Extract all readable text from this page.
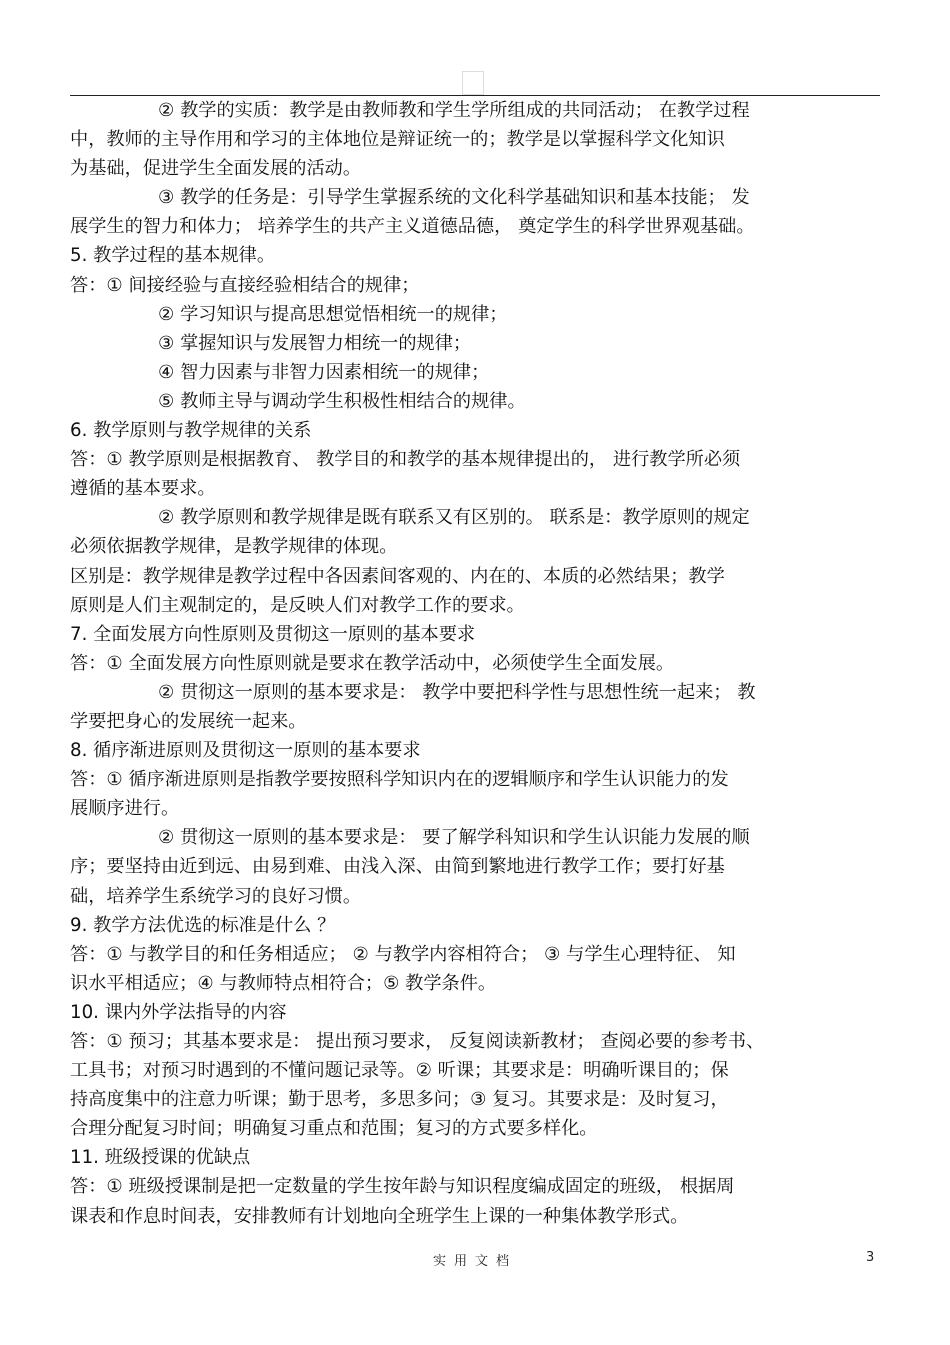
② 教学的实质：教学是由教师教和学生学所组成的共同活动； 在教学过程
中，教师的主导作用和学习的主体地位是辩证统一的；教学是以掌握科学文化知识
为基础，促进学生全面发展的活动。
③ 教学的任务是：引导学生掌握系统的文化科学基础知识和基本技能； 发
展学生的智力和体力； 培养学生的共产主义道德品德， 奠定学生的科学世界观基础。
5. 教学过程的基本规律。
答：① 间接经验与直接经验相结合的规律；
② 学习知识与提高思想觉悟相统一的规律；
③ 掌握知识与发展智力相统一的规律；
④ 智力因素与非智力因素相统一的规律；
⑤ 教师主导与调动学生积极性相结合的规律。
6. 教学原则与教学规律的关系
答：① 教学原则是根据教育、 教学目的和教学的基本规律提出的， 进行教学所必须
遵循的基本要求。
② 教学原则和教学规律是既有联系又有区别的。 联系是：教学原则的规定
必须依据教学规律，是教学规律的体现。
区别是：教学规律是教学过程中各因素间客观的、内在的、本质的必然结果；教学
原则是人们主观制定的，是反映人们对教学工作的要求。
7. 全面发展方向性原则及贯彻这一原则的基本要求
答：① 全面发展方向性原则就是要求在教学活动中，必须使学生全面发展。
② 贯彻这一原则的基本要求是： 教学中要把科学性与思想性统一起来； 教
学要把身心的发展统一起来。
8. 循序渐进原则及贯彻这一原则的基本要求
答：① 循序渐进原则是指教学要按照科学知识内在的逻辑顺序和学生认识能力的发
展顺序进行。
② 贯彻这一原则的基本要求是： 要了解学科知识和学生认识能力发展的顺
序；要坚持由近到远、由易到难、由浅入深、由简到繁地进行教学工作；要打好基
础，培养学生系统学习的良好习惯。
9. 教学方法优选的标准是什么 ？
答：① 与教学目的和任务相适应； ② 与教学内容相符合； ③ 与学生心理特征、 知
识水平相适应；④ 与教师特点相符合；⑤ 教学条件。
10. 课内外学法指导的内容
答：① 预习；其基本要求是： 提出预习要求， 反复阅读新教材； 查阅必要的参考书、
工具书；对预习时遇到的不懂问题记录等。② 听课；其要求是：明确听课目的；保
持高度集中的注意力听课；勤于思考，多思多问；③ 复习。其要求是：及时复习，
合理分配复习时间；明确复习重点和范围；复习的方式要多样化。
11. 班级授课的优缺点
答：① 班级授课制是把一定数量的学生按年龄与知识程度编成固定的班级， 根据周
课表和作息时间表，安排教师有计划地向全班学生上课的一种集体教学形式。
实用文档	3
